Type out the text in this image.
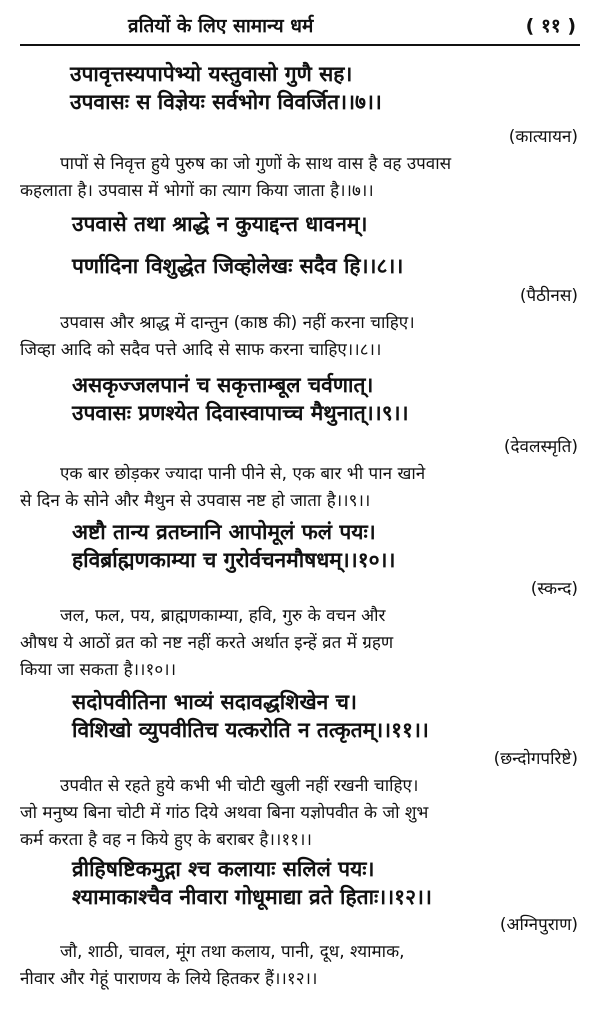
व्रतियों के लिए सामान्य धर्म	( ११ )
उपावृत्तस्यपापेभ्यो यस्तुवासो गुणै सह।
उपवासः स विज्ञेयः सर्वभोग विवर्जित।।७।।
(कात्यायन)
पापों से निवृत्त हुये पुरुष का जो गुणों के साथ वास है वह उपवास
कहलाता है। उपवास में भोगों का त्याग किया जाता है।।७।।
उपवासे तथा श्राद्धे न कुयाद्दन्त धावनम्।
पर्णादिना विशुद्धेत जिव्होलेखः सदैव हि।।८।।
(पैठीनस)
उपवास और श्राद्ध में दान्तुन (काष्ठ की) नहीं करना चाहिए।
जिव्हा आदि को सदैव पत्ते आदि से साफ करना चाहिए।।८।।
असकृज्जलपानं च सकृत्ताम्बूल चर्वणात्।
उपवासः प्रणश्येत दिवास्वापाच्च मैथुनात्।।९।।
(देवलस्मृति)
एक बार छोड़कर ज्यादा पानी पीने से, एक बार भी पान खाने
से दिन के सोने और मैथुन से उपवास नष्ट हो जाता है।।९।।
अष्टौ तान्य व्रतघ्नानि आपोमूलं फलं पयः।
हविर्ब्राह्मणकाम्या च गुरोर्वचनमौषधम्।।१०।।
(स्कन्द)
जल, फल, पय, ब्राह्मणकाम्या, हवि, गुरु के वचन और
औषध ये आठों व्रत को नष्ट नहीं करते अर्थात इन्हें व्रत में ग्रहण
किया जा सकता है।।१०।।
सदोपवीतिना भाव्यं सदावद्धशिखेन च।
विशिखो व्युपवीतिच यत्करोति न तत्कृतम्।।११।।
(छन्दोगपरिष्टे)
उपवीत से रहते हुये कभी भी चोटी खुली नहीं रखनी चाहिए।
जो मनुष्य बिना चोटी में गांठ दिये अथवा बिना यज्ञोपवीत के जो शुभ
कर्म करता है वह न किये हुए के बराबर है।।११।।
व्रीहिषष्टिकमुद्गा श्च कलायाः सलिलं पयः।
श्यामाकाश्चैव नीवारा गोधूमाद्या व्रते हिताः।।१२।।
(अग्निपुराण)
जौ, शाठी, चावल, मूंग तथा कलाय, पानी, दूध, श्यामाक,
नीवार और गेहूं पाराणय के लिये हितकर हैं।।१२।।
